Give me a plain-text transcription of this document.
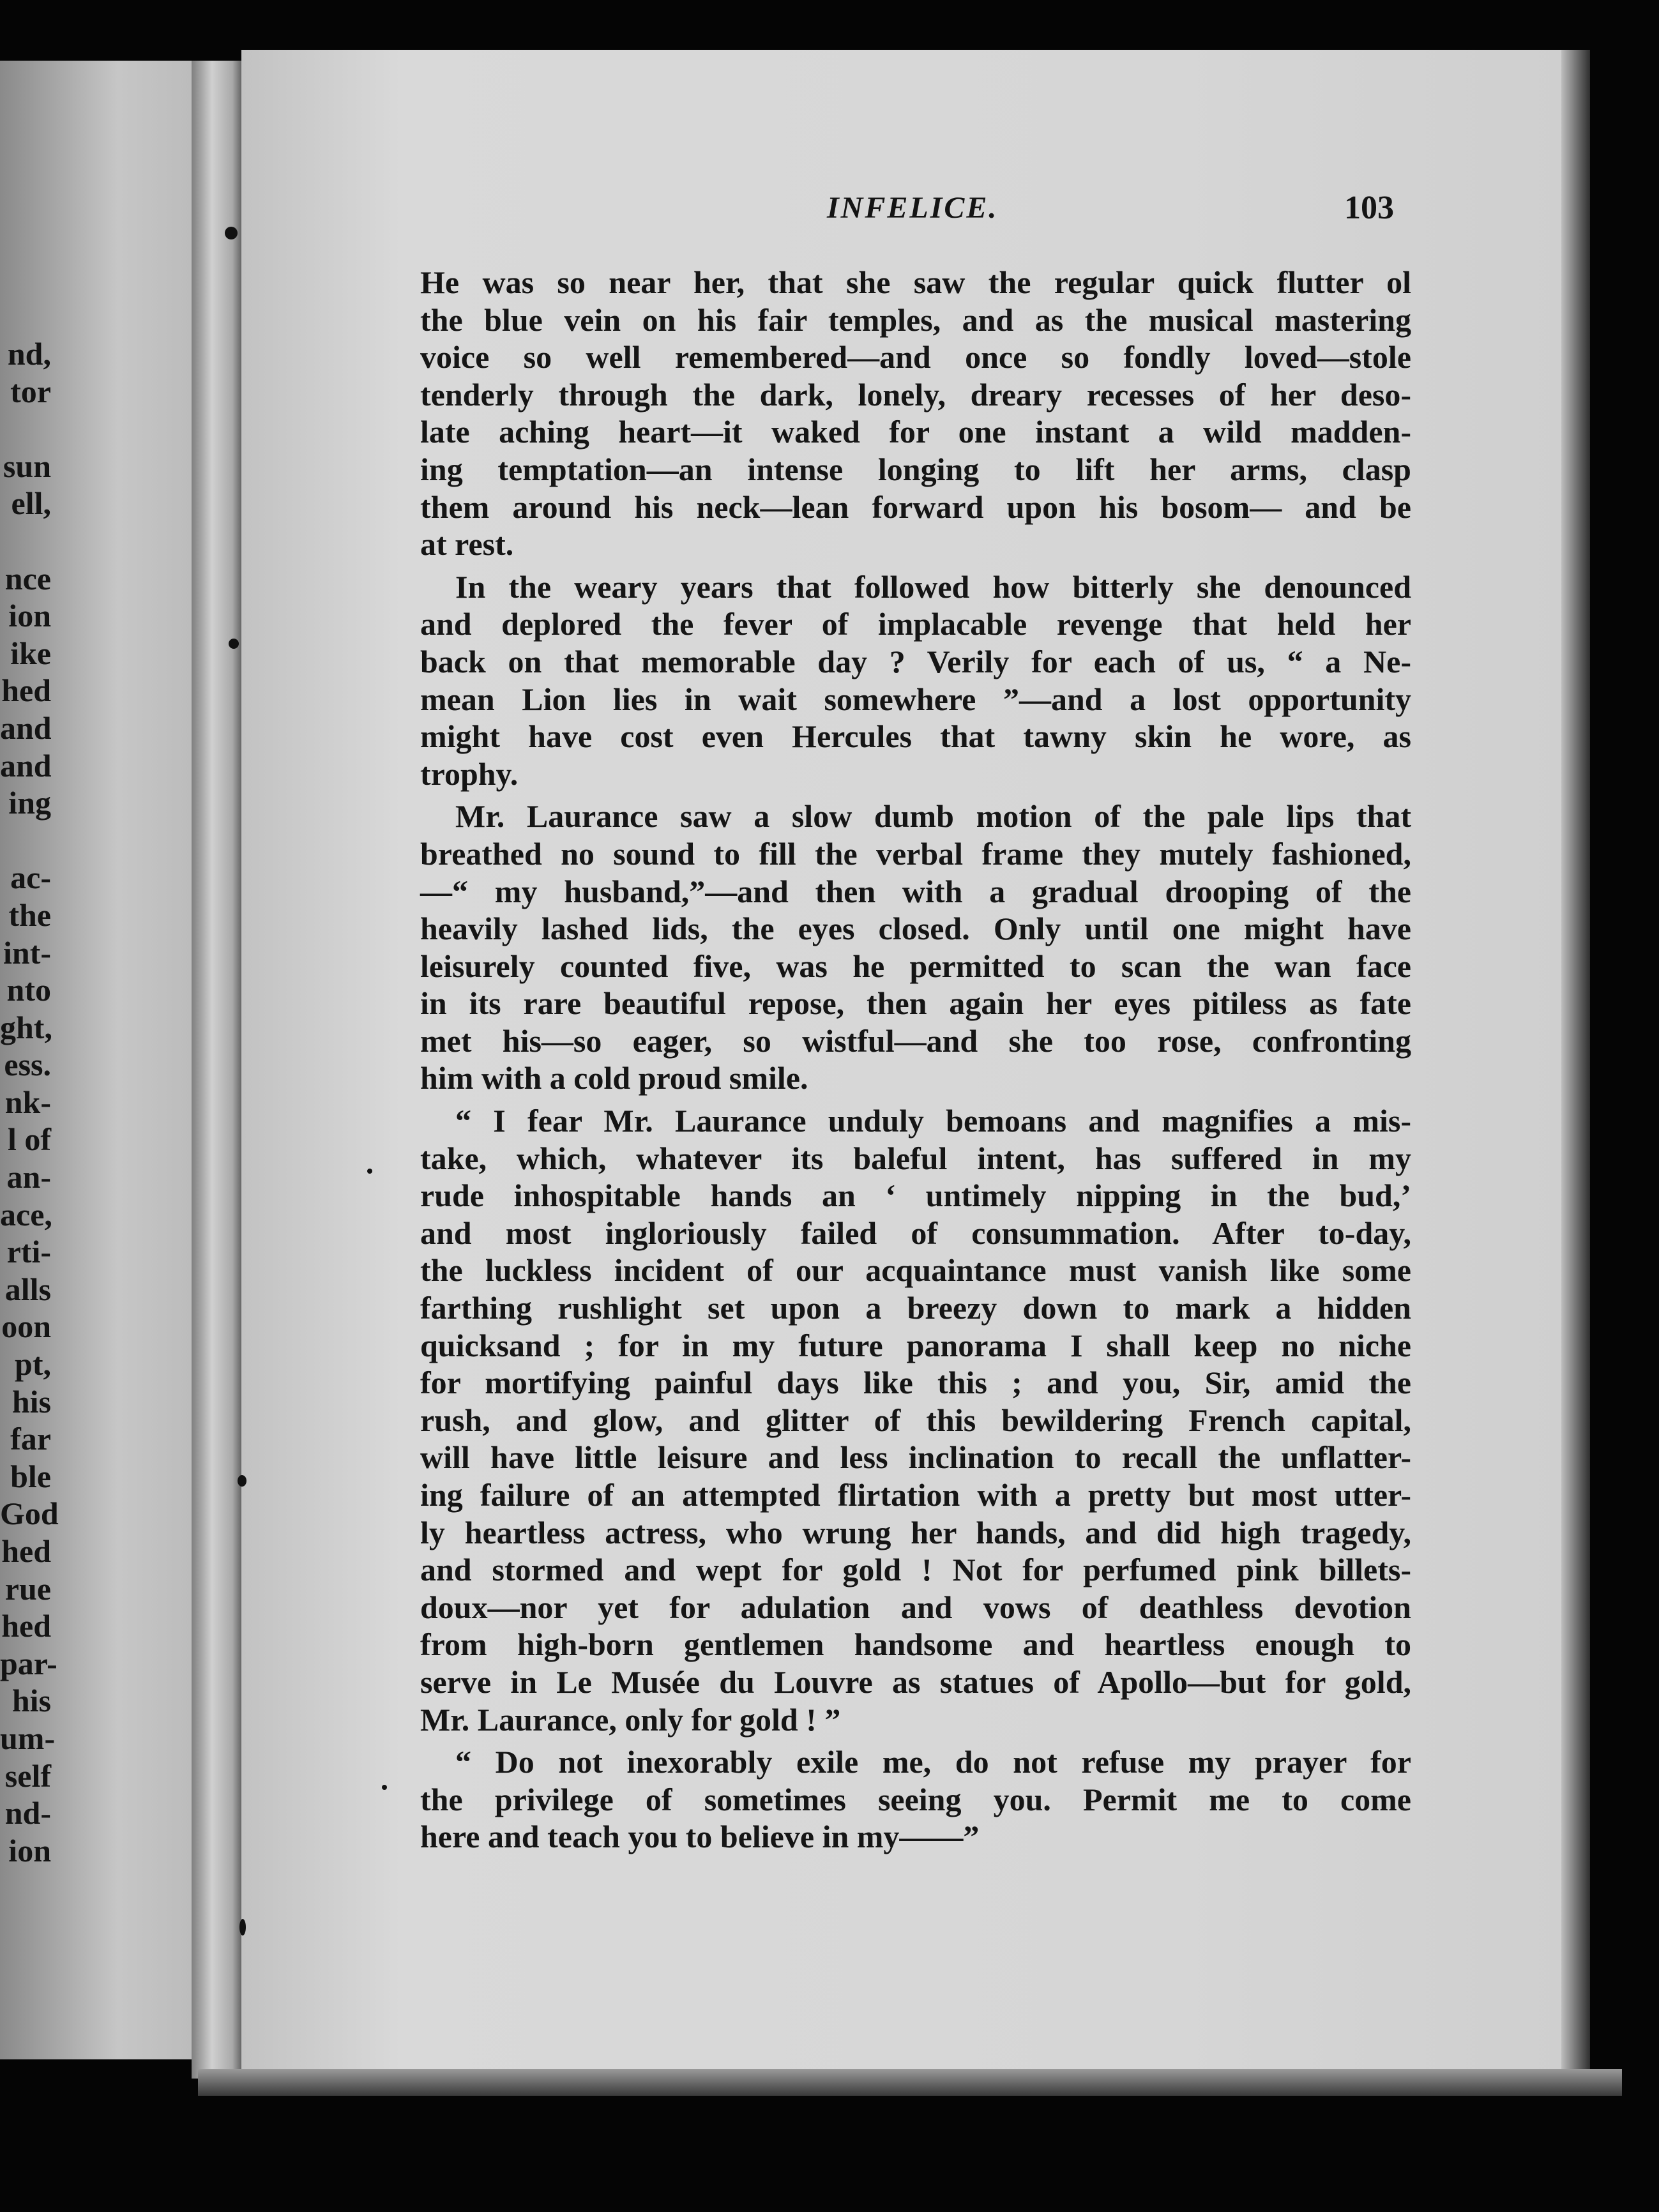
nd,
tor
sun
ell,
nce
ion
ike
hed
and
and
ing
ac-
the
int-
nto
ght,
ess.
nk-
l of
an-
ace,
rti-
alls
oon
pt,
his
far
ble
God
hed
rue
hed
par-
his
um-
self
nd-
ion
INFELICE.	103
He was so near her, that she saw the regular quick flutter ol
the blue vein on his fair temples, and as the musical mastering
voice so well remembered—and once so fondly loved—stole
tenderly through the dark, lonely, dreary recesses of her deso-
late aching heart—it waked for one instant a wild madden-
ing temptation—an intense longing to lift her arms, clasp
them around his neck—lean forward upon his bosom— and be
at rest.
In the weary years that followed how bitterly she denounced
and deplored the fever of implacable revenge that held her
back on that memorable day ? Verily for each of us, “ a Ne-
mean Lion lies in wait somewhere ”—and a lost opportunity
might have cost even Hercules that tawny skin he wore, as
trophy.
Mr. Laurance saw a slow dumb motion of the pale lips that
breathed no sound to fill the verbal frame they mutely fashioned,
—“ my husband,”—and then with a gradual drooping of the
heavily lashed lids, the eyes closed. Only until one might have
leisurely counted five, was he permitted to scan the wan face
in its rare beautiful repose, then again her eyes pitiless as fate
met his—so eager, so wistful—and she too rose, confronting
him with a cold proud smile.
“ I fear Mr. Laurance unduly bemoans and magnifies a mis-
take, which, whatever its baleful intent, has suffered in my
rude inhospitable hands an ‘ untimely nipping in the bud,’
and most ingloriously failed of consummation. After to-day,
the luckless incident of our acquaintance must vanish like some
farthing rushlight set upon a breezy down to mark a hidden
quicksand ; for in my future panorama I shall keep no niche
for mortifying painful days like this ; and you, Sir, amid the
rush, and glow, and glitter of this bewildering French capital,
will have little leisure and less inclination to recall the unflatter-
ing failure of an attempted flirtation with a pretty but most utter-
ly heartless actress, who wrung her hands, and did high tragedy,
and stormed and wept for gold ! Not for perfumed pink billets-
doux—nor yet for adulation and vows of deathless devotion
from high-born gentlemen handsome and heartless enough to
serve in Le Musée du Louvre as statues of Apollo—but for gold,
Mr. Laurance, only for gold ! ”
“ Do not inexorably exile me, do not refuse my prayer for
the privilege of sometimes seeing you. Permit me to come
here and teach you to believe in my——”
